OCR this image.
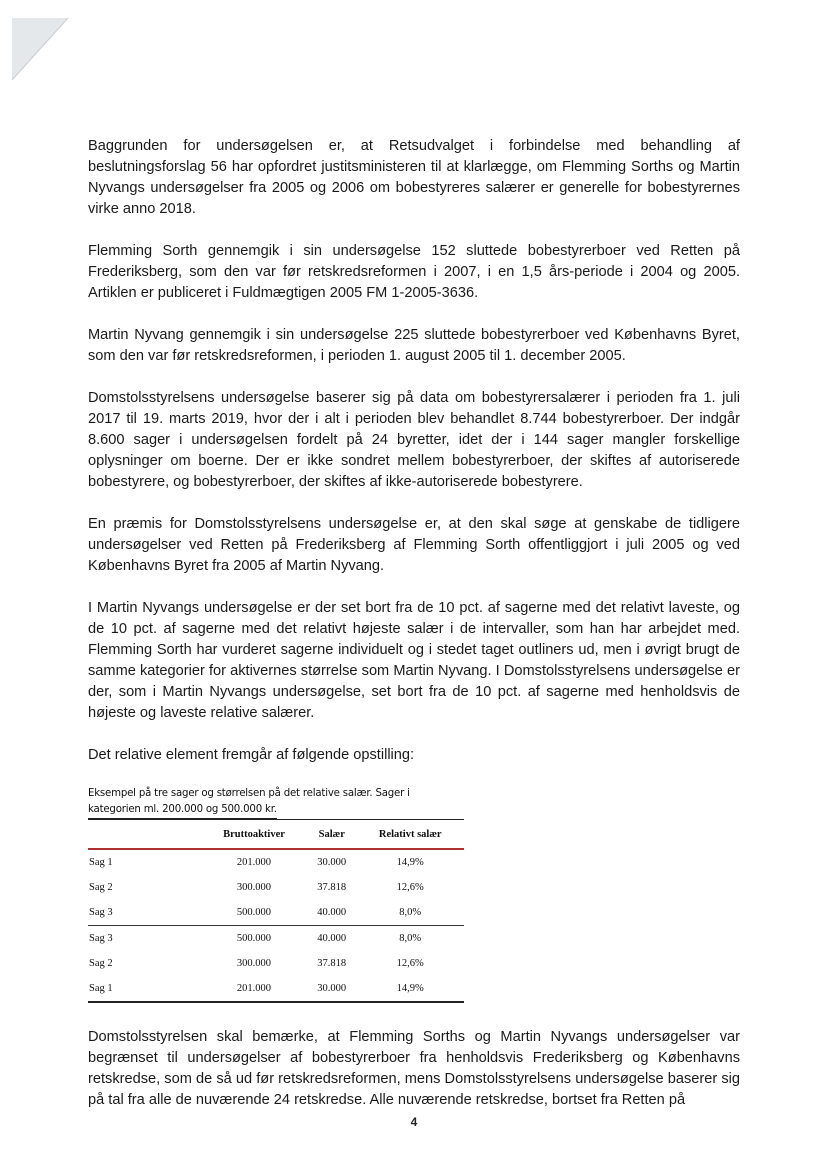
Baggrunden for undersøgelsen er, at Retsudvalget i forbindelse med behandling af beslutningsforslag 56 har opfordret justitsministeren til at klarlægge, om Flemming Sorths og Martin Nyvangs undersøgelser fra 2005 og 2006 om bobestyreres salærer er generelle for bobestyrernes virke anno 2018.

Flemming Sorth gennemgik i sin undersøgelse 152 sluttede bobestyrerboer ved Retten på Frederiksberg, som den var før retskredsreformen i 2007, i en 1,5 års-periode i 2004 og 2005. Artiklen er publiceret i Fuldmægtigen 2005 FM 1-2005-3636.

Martin Nyvang gennemgik i sin undersøgelse 225 sluttede bobestyrerboer ved Københavns Byret, som den var før retskredsreformen, i perioden 1. august 2005 til 1. december 2005.

Domstolsstyrelsens undersøgelse baserer sig på data om bobestyrersalærer i perioden fra 1. juli 2017 til 19. marts 2019, hvor der i alt i perioden blev behandlet 8.744 bobestyrerboer. Der indgår 8.600 sager i undersøgelsen fordelt på 24 byretter, idet der i 144 sager mangler forskellige oplysninger om boerne. Der er ikke sondret mellem bobestyrerboer, der skiftes af autoriserede bobestyrere, og bobestyrerboer, der skiftes af ikke-autoriserede bobestyrere.

En præmis for Domstolsstyrelsens undersøgelse er, at den skal søge at genskabe de tidligere undersøgelser ved Retten på Frederiksberg af Flemming Sorth offentliggjort i juli 2005 og ved Københavns Byret fra 2005 af Martin Nyvang.

I Martin Nyvangs undersøgelse er der set bort fra de 10 pct. af sagerne med det relativt laveste, og de 10 pct. af sagerne med det relativt højeste salær i de intervaller, som han har arbejdet med. Flemming Sorth har vurderet sagerne individuelt og i stedet taget outliners ud, men i øvrigt brugt de samme kategorier for aktivernes størrelse som Martin Nyvang. I Domstolsstyrelsens undersøgelse er der, som i Martin Nyvangs undersøgelse, set bort fra de 10 pct. af sagerne med henholdsvis de højeste og laveste relative salærer.

Det relative element fremgår af følgende opstilling:

Eksempel på tre sager og størrelsen på det relative salær. Sager i
kategorien ml. 200.000 og 500.000 kr.
	Bruttoaktiver	Salær	Relativt salær
Sag 1	201.000	30.000	14,9%
Sag 2	300.000	37.818	12,6%
Sag 3	500.000	40.000	8,0%
Sag 3	500.000	40.000	8,0%
Sag 2	300.000	37.818	12,6%
Sag 1	201.000	30.000	14,9%

Domstolsstyrelsen skal bemærke, at Flemming Sorths og Martin Nyvangs undersøgelser var begrænset til undersøgelser af bobestyrerboer fra henholdsvis Frederiksberg og Københavns retskredse, som de så ud før retskredsreformen, mens Domstolsstyrelsens undersøgelse baserer sig på tal fra alle de nuværende 24 retskredse. Alle nuværende retskredse, bortset fra Retten på

4
